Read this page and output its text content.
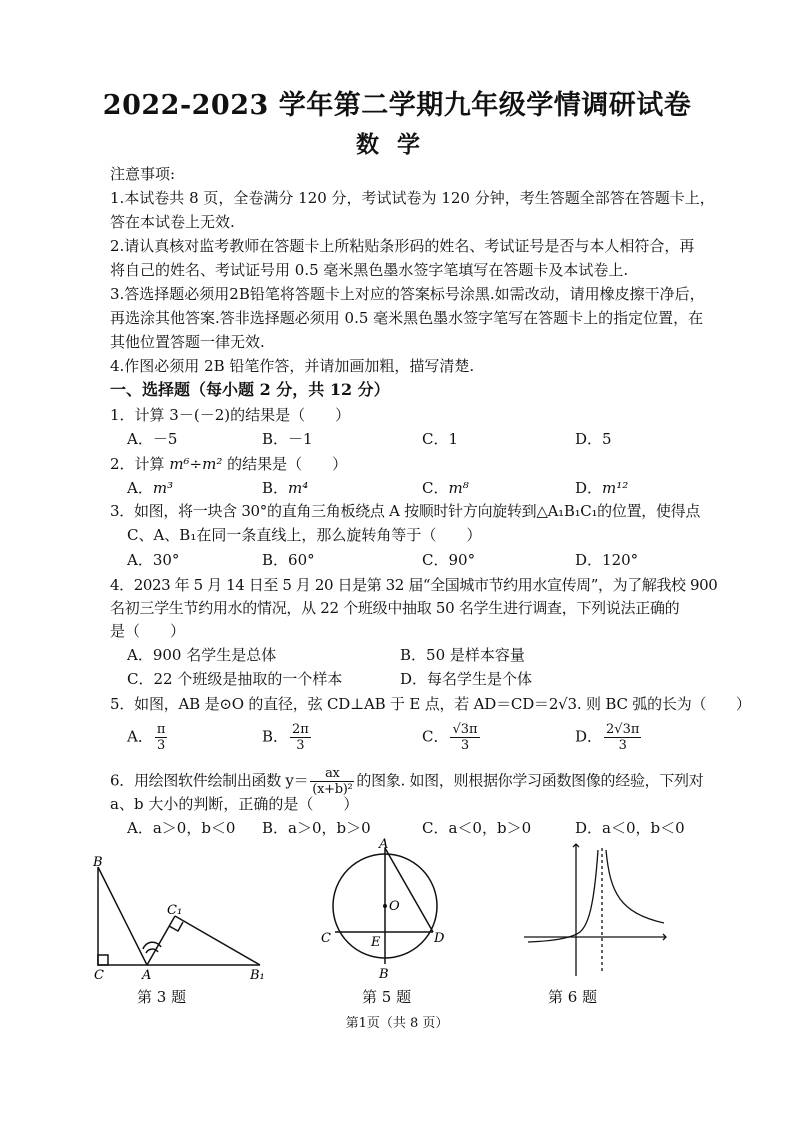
2022-2023 学年第二学期九年级学情调研试卷
数学
注意事项:
1.本试卷共 8 页，全卷满分 120 分，考试试卷为 120 分钟，考生答题全部答在答题卡上，
答在本试卷上无效.
2.请认真核对监考教师在答题卡上所粘贴条形码的姓名、考试证号是否与本人相符合，再
将自己的姓名、考试证号用 0.5 毫米黑色墨水签字笔填写在答题卡及本试卷上.
3.答选择题必须用2B铅笔将答题卡上对应的答案标号涂黑.如需改动，请用橡皮擦干净后，
再选涂其他答案.答非选择题必须用 0.5 毫米黑色墨水签字笔写在答题卡上的指定位置，在
其他位置答题一律无效.
4.作图必须用 2B 铅笔作答，并请加画加粗，描写清楚.
一、选择题（每小题 2 分，共 12 分）
1．计算 3－(－2)的结果是（　　）
A．－5	B．－1	C．1	D．5
2．计算 m⁶÷m² 的结果是（　　）
A．m³	B．m⁴	C．m⁸	D．m¹²
3．如图，将一块含 30°的直角三角板绕点 A 按顺时针方向旋转到△A₁B₁C₁的位置，使得点
C、A、B₁在同一条直线上，那么旋转角等于（　　）
A．30°	B．60°	C．90°	D．120°
4．2023 年 5 月 14 日至 5 月 20 日是第 32 届“全国城市节约用水宣传周”，为了解我校 900
名初三学生节约用水的情况，从 22 个班级中抽取 50 名学生进行调查，下列说法正确的
是（　　）
A．900 名学生是总体	B．50 是样本容量
C．22 个班级是抽取的一个样本	D．每名学生是个体
5．如图，AB 是⊙O 的直径，弦 CD⊥AB 于 E 点，若 AD＝CD＝2√3. 则 BC 弧的长为（　　）
A． $\frac{\pi}{3}$	B． $\frac{2\pi}{3}$	C． $\frac{√3\pi}{3}$	D． $\frac{2√3\pi}{3}$
6．用绘图软件绘制出函数 $y= \frac{ax}{\text{(x+b)²}}$ 的图象. 如图，则根据你学习函数图像的经验，下列对
a、b 大小的判断，正确的是（　　）
A．a＞0，b＜0 B．a＞0，b＞0	C．a＜0，b＞0	D．a＜0，b＜0
B
C₁
C	A	B₁
第 3 题
A
O
C	E	D
B
第 5 题	第 6 题
第1页（共 8 页）
